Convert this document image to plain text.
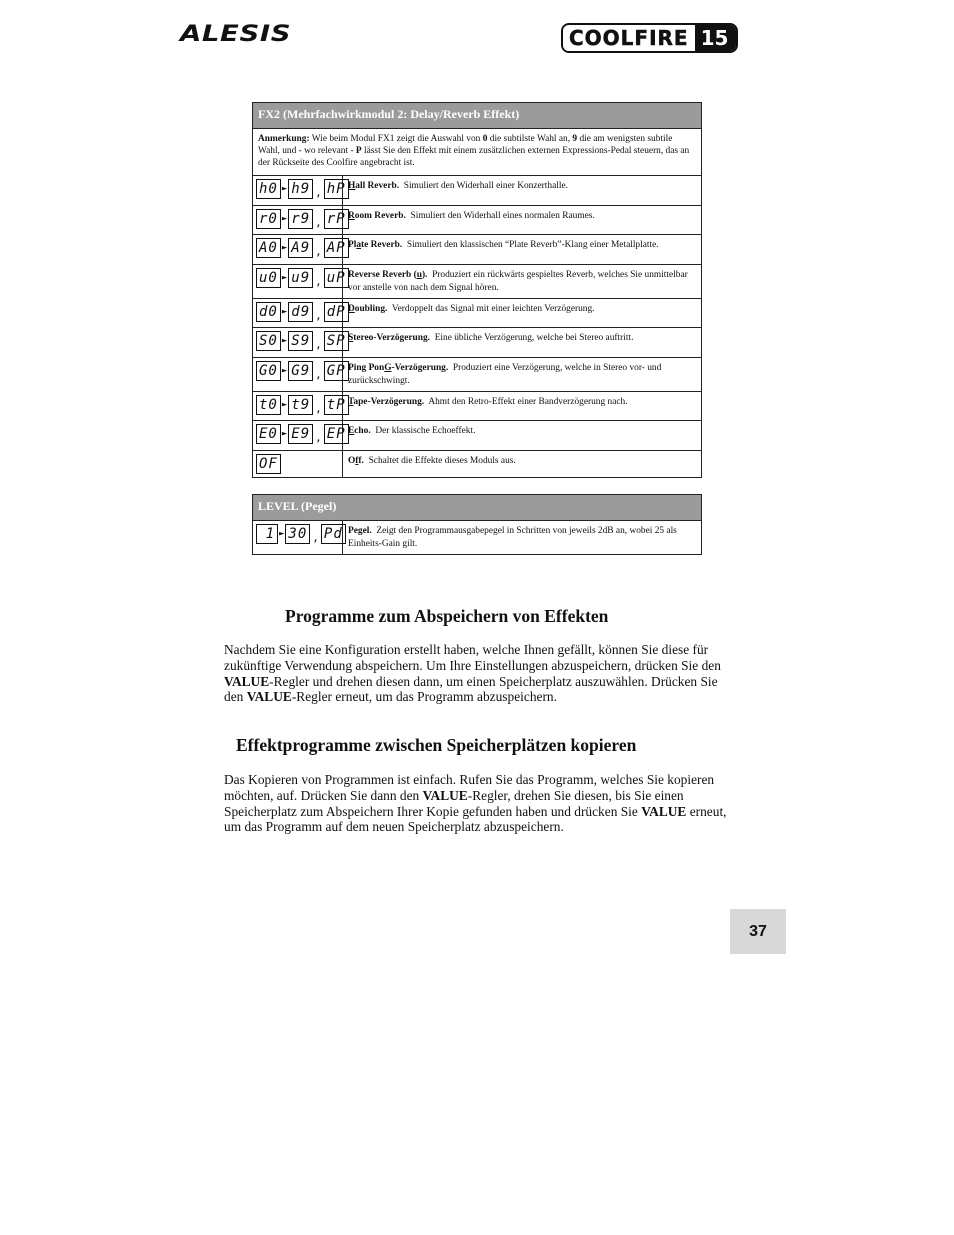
ALESIS	COOLFIRE 15
FX2 (Mehrfachwirkmodul 2: Delay/Reverb Effekt)	
Anmerkung: Wie beim Modul FX1 zeigt die Auswahl von 0 die subtilste Wahl an, 9 die am wenigsten subtile Wahl, und - wo relevant - P lässt Sie den Effekt mit einem zusätzlichen externen Expressions-Pedal steuern, das an der Rückseite des Coolfire angebracht ist.	

h0 ► h9 , hP	Hall Reverb. Simuliert den Widerhall einer Konzerthalle.

r0 ► r9 , rP	Room Reverb. Simuliert den Widerhall eines normalen Raumes.

A0 ► A9 , AP	Plate Reverb. Simuliert den klassischen “Plate Reverb”-Klang einer Metallplatte.

u0 ► u9 , uP	Reverse Reverb (u). Produziert ein rückwärts gespieltes Reverb, welches Sie unmittelbar vor anstelle von nach dem Signal hören.

d0 ► d9 , dP	Doubling. Verdoppelt das Signal mit einer leichten Verzögerung.

S0 ► S9 , SP	Stereo-Verzögerung. Eine übliche Verzögerung, welche bei Stereo auftritt.

G0 ► G9 , GP	Ping PonG-Verzögerung. Produziert eine Verzögerung, welche in Stereo vor- und zurückschwingt.

t0 ► t9 , tP	Tape-Verzögerung. Ahmt den Retro-Effekt einer Bandverzögerung nach.

E0 ► E9 , EP	Echo. Der klassische Echoeffekt.

OF	Off. Schaltet die Effekte dieses Moduls aus.
LEVEL (Pegel)

1 ► 30 , Pd	Pegel. Zeigt den Programmausgabepegel in Schritten von jeweils 2dB an, wobei 25 als Einheits-Gain gilt.
Programme zum Abspeichern von Effekten

Nachdem Sie eine Konfiguration erstellt haben, welche Ihnen gefällt, können Sie diese für zukünftige Verwendung abspeichern. Um Ihre Einstellungen abzuspeichern, drücken Sie den VALUE-Regler und drehen diesen dann, um einen Speicherplatz auszuwählen. Drücken Sie den VALUE-Regler erneut, um das Programm abzuspeichern.

Effektprogramme zwischen Speicherplätzen kopieren

Das Kopieren von Programmen ist einfach. Rufen Sie das Programm, welches Sie kopieren möchten, auf. Drücken Sie dann den VALUE-Regler, drehen Sie diesen, bis Sie einen Speicherplatz zum Abspeichern Ihrer Kopie gefunden haben und drücken Sie VALUE erneut, um das Programm auf dem neuen Speicherplatz abzuspeichern.

37
